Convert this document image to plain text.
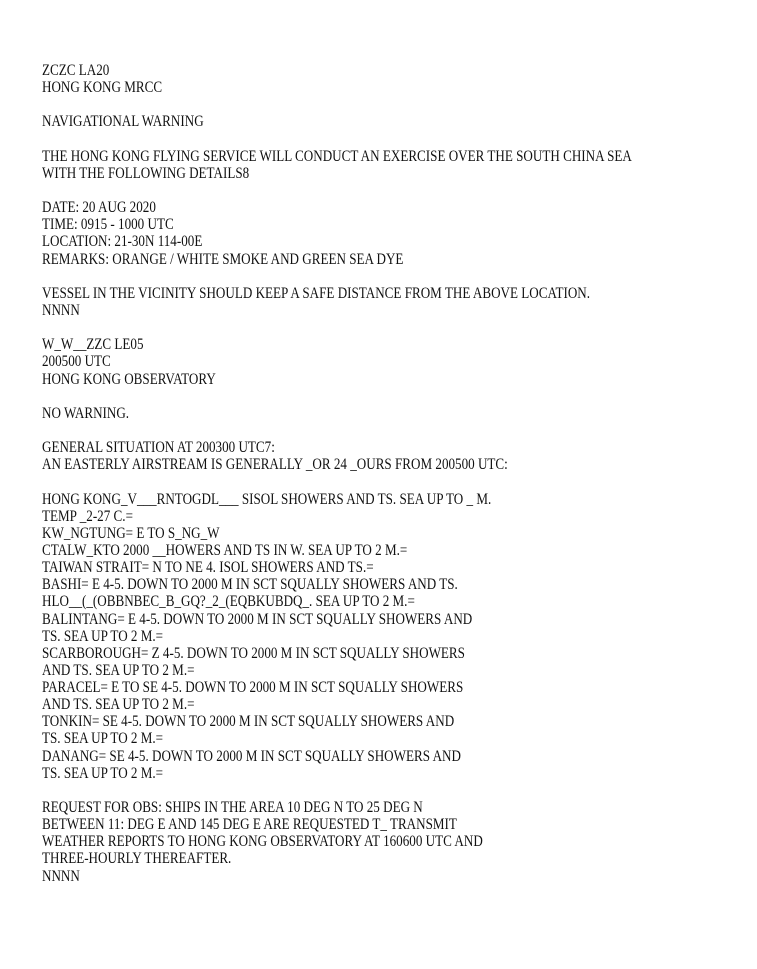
ZCZC LA20
HONG KONG MRCC
NAVIGATIONAL WARNING
THE HONG KONG FLYING SERVICE WILL CONDUCT AN EXERCISE OVER THE SOUTH CHINA SEA
WITH THE FOLLOWING DETAILS8
DATE: 20 AUG 2020
TIME: 0915 - 1000 UTC
LOCATION: 21-30N 114-00E
REMARKS: ORANGE / WHITE SMOKE AND GREEN SEA DYE
VESSEL IN THE VICINITY SHOULD KEEP A SAFE DISTANCE FROM THE ABOVE LOCATION.
NNNN
W_W__ZZC LE05
200500 UTC
HONG KONG OBSERVATORY
NO WARNING.
GENERAL SITUATION AT 200300 UTC7:
AN EASTERLY AIRSTREAM IS GENERALLY _OR 24 _OURS FROM 200500 UTC:
HONG KONG_V___RNTOGDL___ SISOL SHOWERS AND TS. SEA UP TO _ M.
TEMP _2-27 C.=
KW_NGTUNG= E TO S_NG_W
CTALW_KTO 2000 __HOWERS AND TS IN W. SEA UP TO 2 M.=
TAIWAN STRAIT= N TO NE 4. ISOL SHOWERS AND TS.=
BASHI= E 4-5. DOWN TO 2000 M IN SCT SQUALLY SHOWERS AND TS.
HLO__(_(OBBNBEC_B_GQ?_2_(EQBKUBDQ_. SEA UP TO 2 M.=
BALINTANG= E 4-5. DOWN TO 2000 M IN SCT SQUALLY SHOWERS AND
TS. SEA UP TO 2 M.=
SCARBOROUGH= Z 4-5. DOWN TO 2000 M IN SCT SQUALLY SHOWERS
AND TS. SEA UP TO 2 M.=
PARACEL= E TO SE 4-5. DOWN TO 2000 M IN SCT SQUALLY SHOWERS
AND TS. SEA UP TO 2 M.=
TONKIN= SE 4-5. DOWN TO 2000 M IN SCT SQUALLY SHOWERS AND
TS. SEA UP TO 2 M.=
DANANG= SE 4-5. DOWN TO 2000 M IN SCT SQUALLY SHOWERS AND
TS. SEA UP TO 2 M.=
REQUEST FOR OBS: SHIPS IN THE AREA 10 DEG N TO 25 DEG N
BETWEEN 11: DEG E AND 145 DEG E ARE REQUESTED T_ TRANSMIT
WEATHER REPORTS TO HONG KONG OBSERVATORY AT 160600 UTC AND
THREE-HOURLY THEREAFTER.
NNNN
